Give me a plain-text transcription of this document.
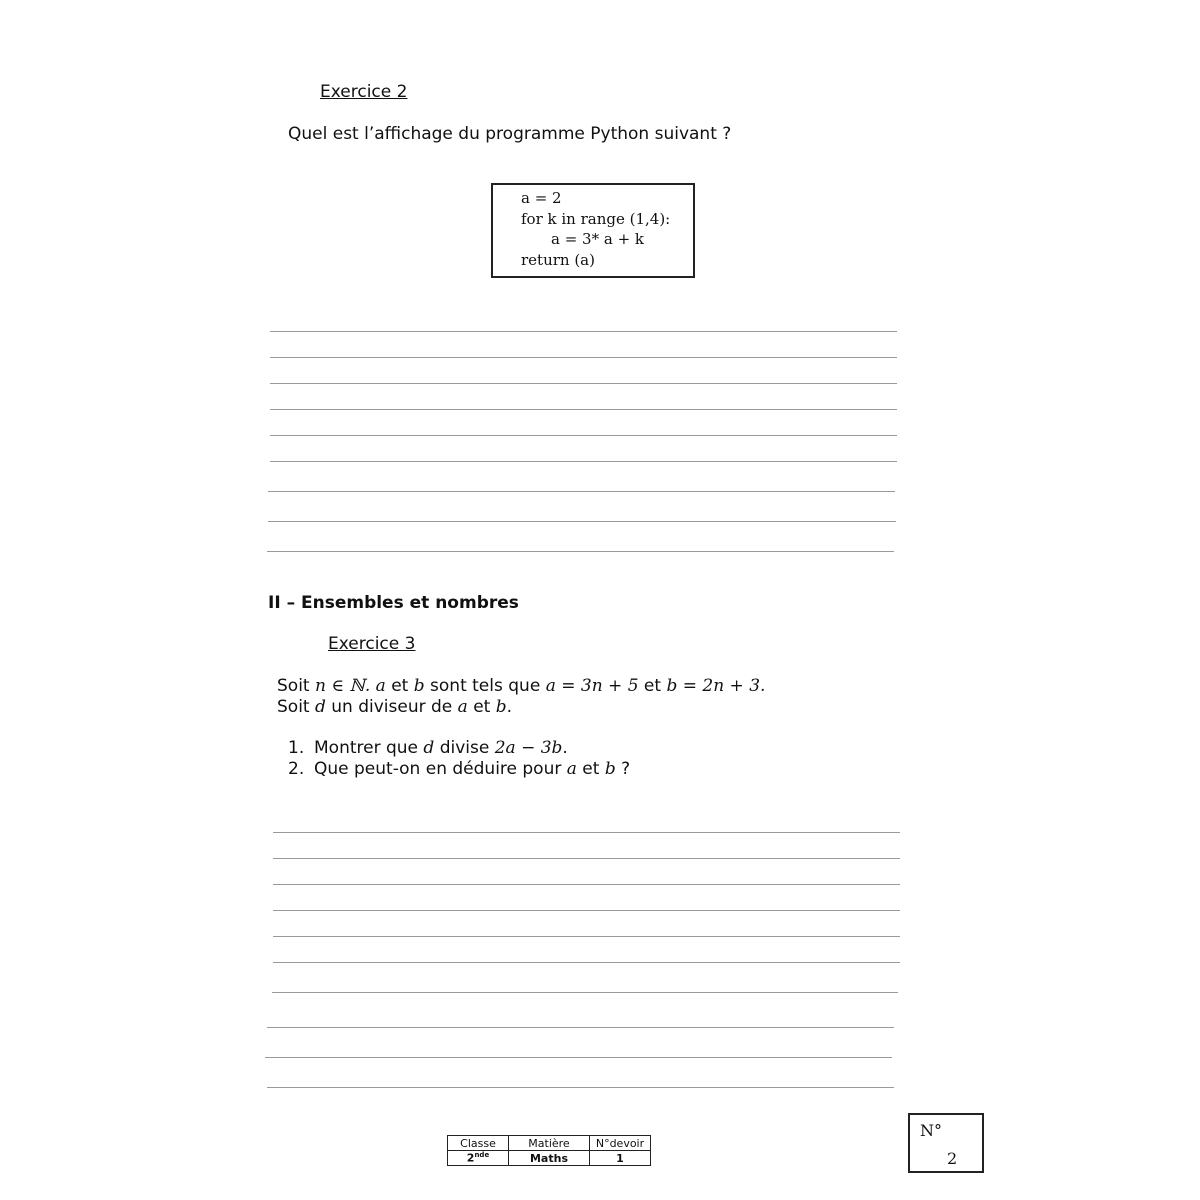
Exercice 2
Quel est l’affichage du programme Python suivant ?
a = 2
for k in range (1,4):
a = 3* a + k
return (a)
II – Ensembles et nombres
Exercice 3
Soit n ∈ ℕ. a et b sont tels que a = 3n + 5 et b = 2n + 3.
Soit d un diviseur de a et b.
1. Montrer que d divise 2a − 3b.
2. Que peut-on en déduire pour a et b ?
Classe	Matière	N°devoir
2nde	Maths	1
N°
2
